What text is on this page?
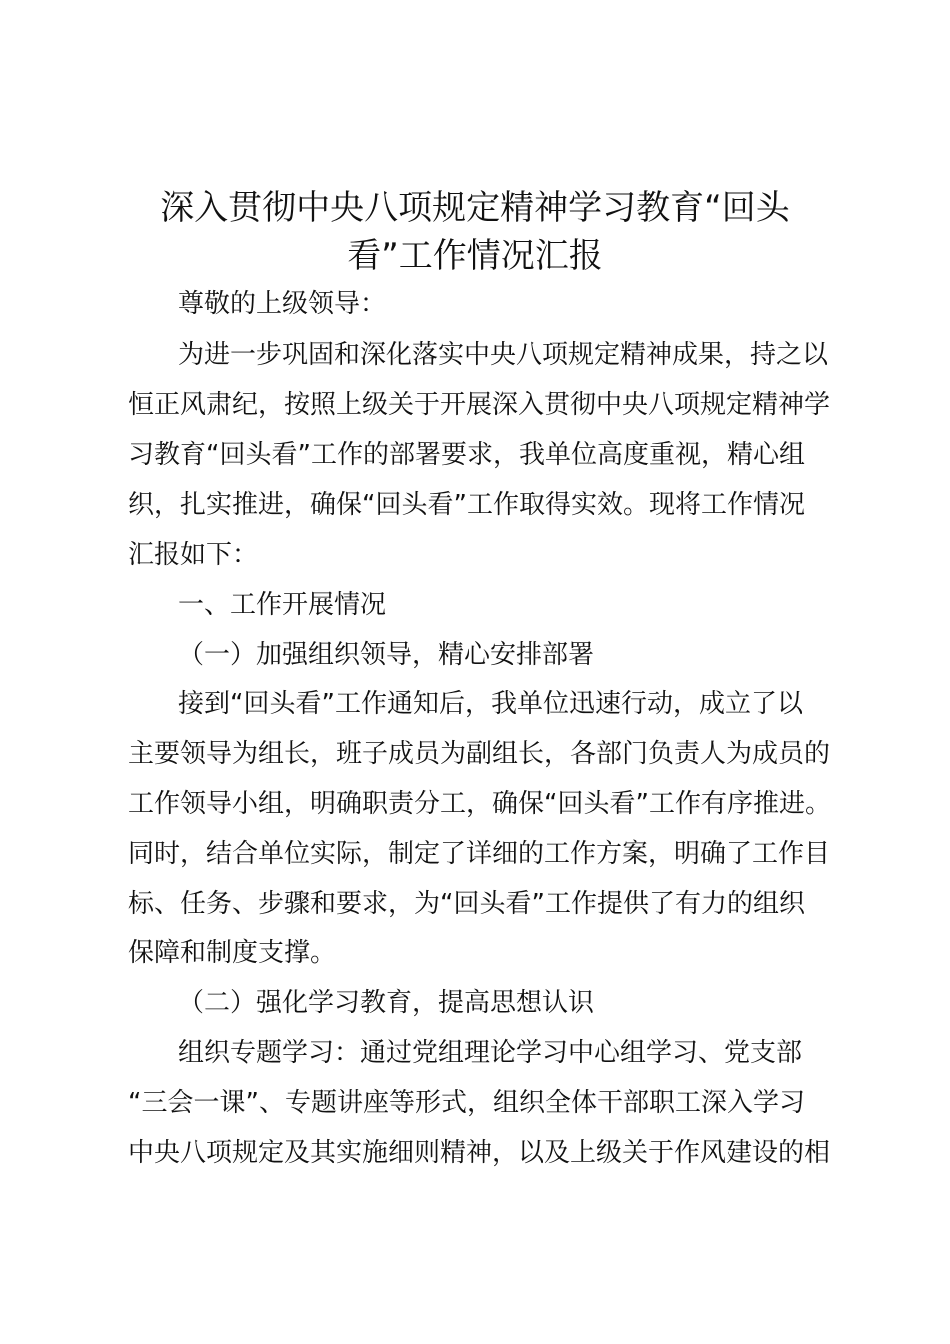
深入贯彻中央八项规定精神学习教育“回头
看”工作情况汇报
尊敬的上级领导：
为进一步巩固和深化落实中央八项规定精神成果，持之以
恒正风肃纪，按照上级关于开展深入贯彻中央八项规定精神学
习教育“回头看”工作的部署要求，我单位高度重视，精心组
织，扎实推进，确保“回头看”工作取得实效。现将工作情况
汇报如下：
一、工作开展情况
（一）加强组织领导，精心安排部署
接到“回头看”工作通知后，我单位迅速行动，成立了以
主要领导为组长，班子成员为副组长，各部门负责人为成员的
工作领导小组，明确职责分工，确保“回头看”工作有序推进。
同时，结合单位实际，制定了详细的工作方案，明确了工作目
标、任务、步骤和要求，为“回头看”工作提供了有力的组织
保障和制度支撑。
（二）强化学习教育，提高思想认识
组织专题学习：通过党组理论学习中心组学习、党支部
“三会一课”、专题讲座等形式，组织全体干部职工深入学习
中央八项规定及其实施细则精神，以及上级关于作风建设的相
